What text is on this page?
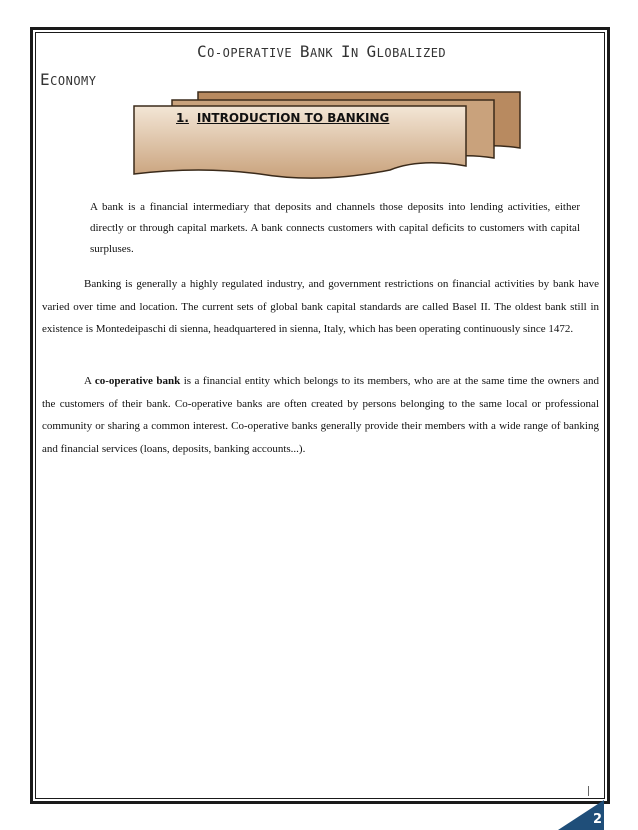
CO-OPERATIVE BANK IN GLOBALIZED
ECONOMY
1. INTRODUCTION TO BANKING
A bank is a financial intermediary that deposits and channels those deposits into lending activities, either directly or through capital markets. A bank connects customers with capital deficits to customers with capital surpluses.
Banking is generally a highly regulated industry, and government restrictions on financial activities by bank have varied over time and location. The current sets of global bank capital standards are called Basel II. The oldest bank still in existence is Montedeipaschi di sienna, headquartered in sienna, Italy, which has been operating continuously since 1472.
A co-operative bank is a financial entity which belongs to its members, who are at the same time the owners and the customers of their bank. Co-operative banks are often created by persons belonging to the same local or professional community or sharing a common interest. Co-operative banks generally provide their members with a wide range of banking and financial services (loans, deposits, banking accounts...).
2
